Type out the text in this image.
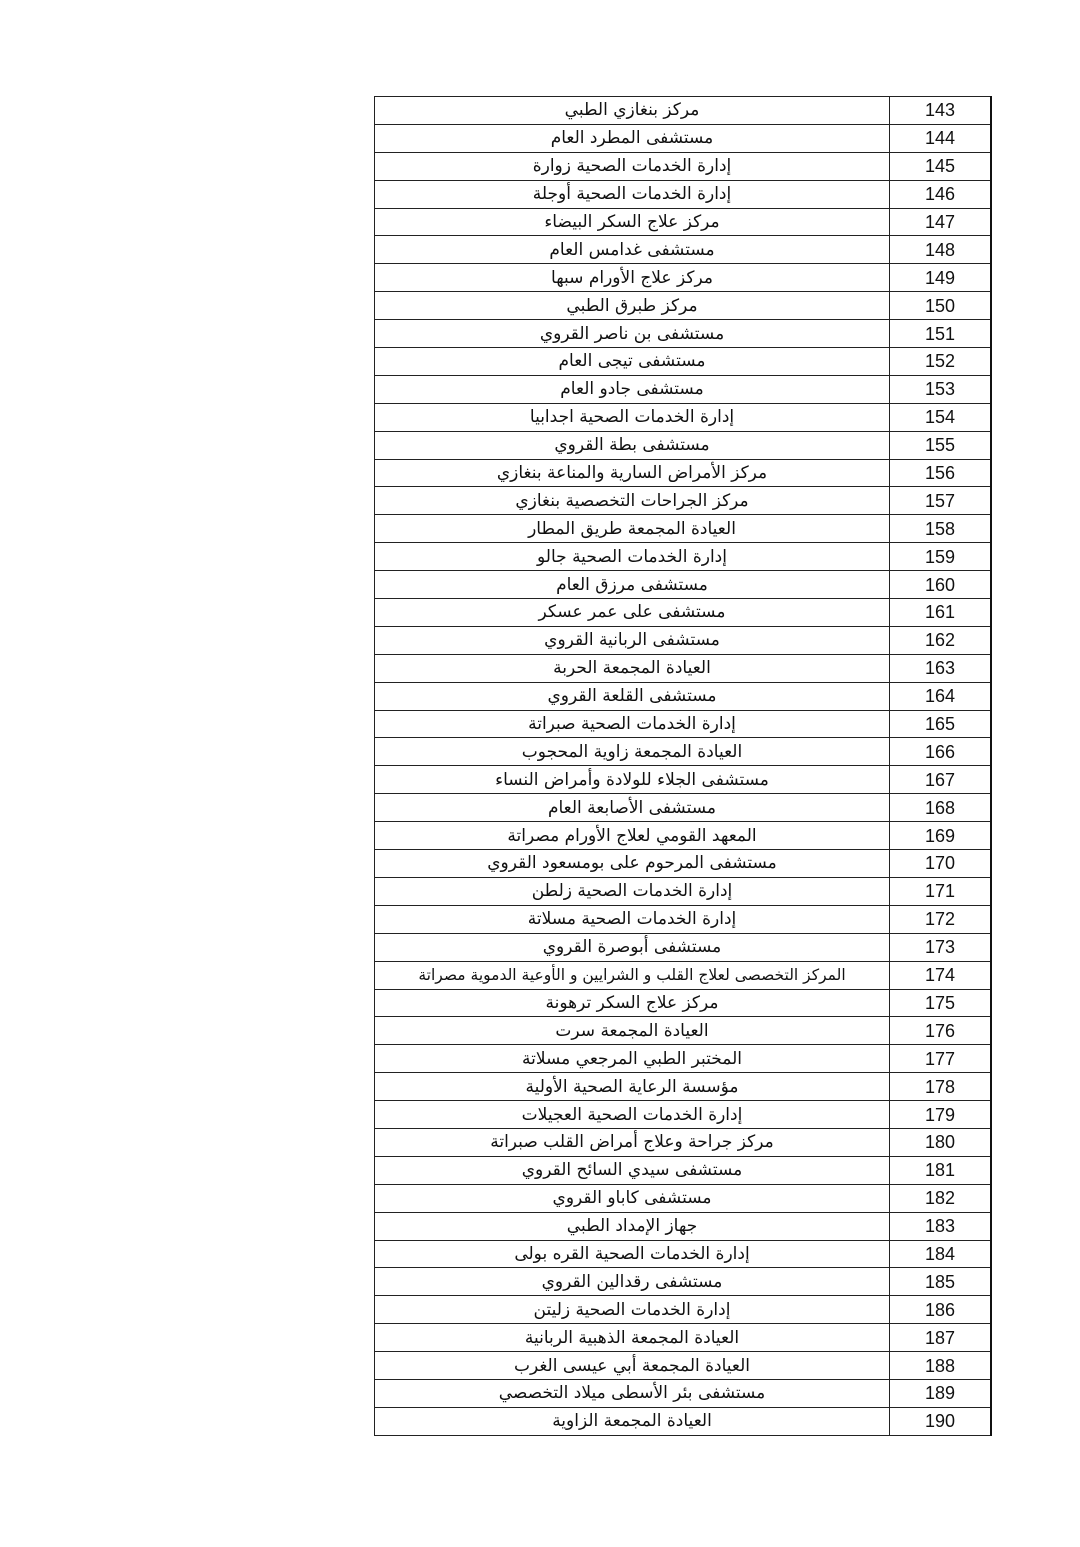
مركز بنغازي الطبي	143
مستشفى المطرد العام	144
إدارة الخدمات الصحية زوارة	145
إدارة الخدمات الصحية أوجلة	146
مركز علاج السكر البيضاء	147
مستشفى غدامس العام	148
مركز علاج الأورام سبها	149
مركز طبرق الطبي	150
مستشفى بن ناصر القروي	151
مستشفى تيجى العام	152
مستشفى جادو العام	153
إدارة الخدمات الصحية اجدابيا	154
مستشفى بطة القروي	155
مركز الأمراض السارية والمناعة بنغازي	156
مركز الجراحات التخصصية بنغازي	157
العيادة المجمعة طريق المطار	158
إدارة الخدمات الصحية جالو	159
مستشفى مرزق العام	160
مستشفى على عمر عسكر	161
مستشفى الربانية القروي	162
العيادة المجمعة الحربة	163
مستشفى القلعة القروي	164
إدارة الخدمات الصحية صبراتة	165
العيادة المجمعة زاوية المحجوب	166
مستشفى الجلاء للولادة وأمراض النساء	167
مستشفى الأصابعة العام	168
المعهد القومي لعلاج الأورام مصراتة	169
مستشفى المرحوم على بومسعود القروي	170
إدارة الخدمات الصحية زلطن	171
إدارة الخدمات الصحية مسلاتة	172
مستشفى أبوصرة القروي	173
المركز التخصصى لعلاج القلب و الشرايين و الأوعية الدموية مصراتة	174
مركز علاج السكر ترهونة	175
العيادة المجمعة سرت	176
المختبر الطبي المرجعي مسلاتة	177
مؤسسة الرعاية الصحية الأولية	178
إدارة الخدمات الصحية العجيلات	179
مركز جراحة وعلاج أمراض القلب صبراتة	180
مستشفى سيدي السائح القروي	181
مستشفى كاباو القروي	182
جهاز الإمداد الطبي	183
إدارة الخدمات الصحية القره بولى	184
مستشفى رقدالين القروي	185
إدارة الخدمات الصحية زليتن	186
العيادة المجمعة الذهبية الربانية	187
العيادة المجمعة أبي عيسى الغرب	188
مستشفى بئر الأسطى ميلاد التخصصي	189
العيادة المجمعة الزاوية	190
